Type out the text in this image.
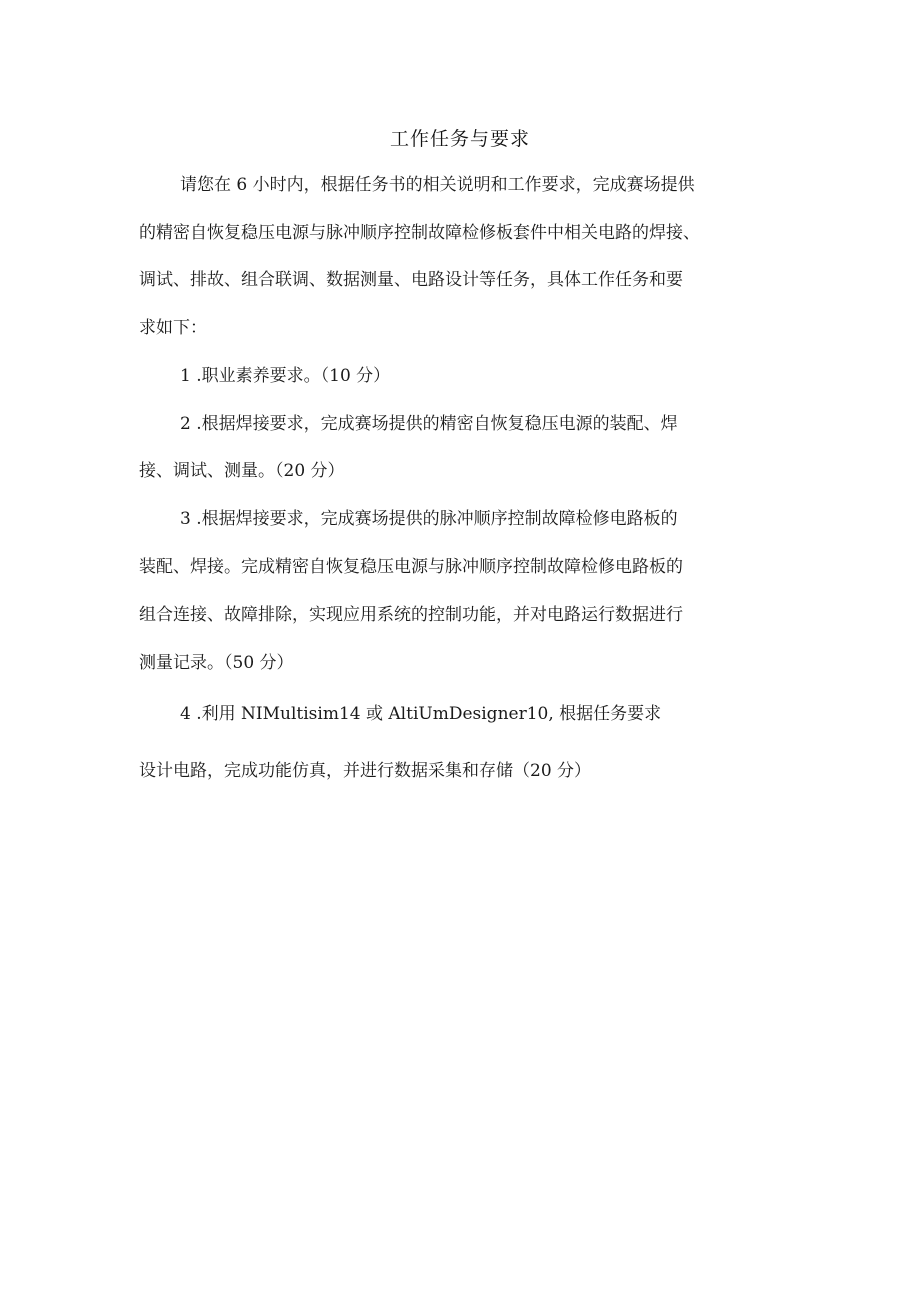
工作任务与要求
请您在 6 小时内，根据任务书的相关说明和工作要求，完成赛场提供
的精密自恢复稳压电源与脉冲顺序控制故障检修板套件中相关电路的焊接、
调试、排故、组合联调、数据测量、电路设计等任务，具体工作任务和要
求如下：
1 .职业素养要求。（10 分）
2 .根据焊接要求，完成赛场提供的精密自恢复稳压电源的装配、焊
接、调试、测量。（20 分）
3 .根据焊接要求，完成赛场提供的脉冲顺序控制故障检修电路板的
装配、焊接。完成精密自恢复稳压电源与脉冲顺序控制故障检修电路板的
组合连接、故障排除，实现应用系统的控制功能，并对电路运行数据进行
测量记录。（50 分）
4 .利用 NIMultisim14 或 AltiUmDesigner10, 根据任务要求
设计电路，完成功能仿真，并进行数据采集和存储（20 分）
